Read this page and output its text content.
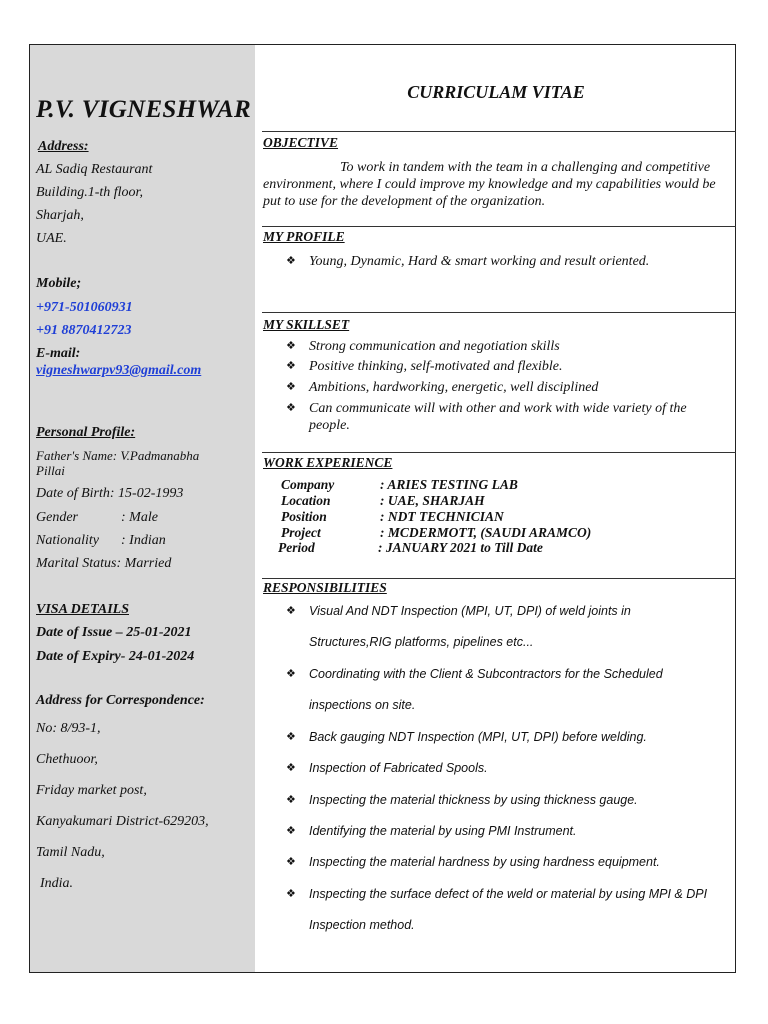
P.V. VIGNESHWAR
Address:
AL Sadiq Restaurant
Building.1-th floor,
Sharjah,
UAE.
Mobile;
+971-501060931
+91 8870412723
E-mail:
vigneshwarpv93@gmail.com
Personal Profile:
Father's Name: V.Padmanabha
Pillai
Date of Birth: 15-02-1993
Gender	: Male
Nationality : Indian
Marital Status: Married
VISA DETAILS
Date of Issue – 25-01-2021
Date of Expiry- 24-01-2024
Address for Correspondence:
No: 8/93-1,
Chethuoor,
Friday market post,
Kanyakumari District-629203,
Tamil Nadu,
India.
CURRICULAM VITAE
OBJECTIVE
To work in tandem with the team in a challenging and competitive environment, where I could improve my knowledge and my capabilities would be put to use for the development of the organization.
MY PROFILE
❖ Young, Dynamic, Hard & smart working and result oriented.
MY SKILLSET
❖ Strong communication and negotiation skills
❖ Positive thinking, self-motivated and flexible.
❖ Ambitions, hardworking, energetic, well disciplined
❖ Can communicate will with other and work with wide variety of the people.
WORK EXPERIENCE
Company	: ARIES TESTING LAB
Location	: UAE, SHARJAH
Position	: NDT TECHNICIAN
Project	: MCDERMOTT, (SAUDI ARAMCO)
Period	: JANUARY 2021 to Till Date
RESPONSIBILITIES
❖ Visual And NDT Inspection (MPI, UT, DPI) of weld joints in Structures,RIG platforms, pipelines etc...
❖ Coordinating with the Client & Subcontractors for the Scheduled inspections on site.
❖ Back gauging NDT Inspection (MPI, UT, DPI) before welding.
❖ Inspection of Fabricated Spools.
❖ Inspecting the material thickness by using thickness gauge.
❖ Identifying the material by using PMI Instrument.
❖ Inspecting the material hardness by using hardness equipment.
❖ Inspecting the surface defect of the weld or material by using MPI & DPI Inspection method.
